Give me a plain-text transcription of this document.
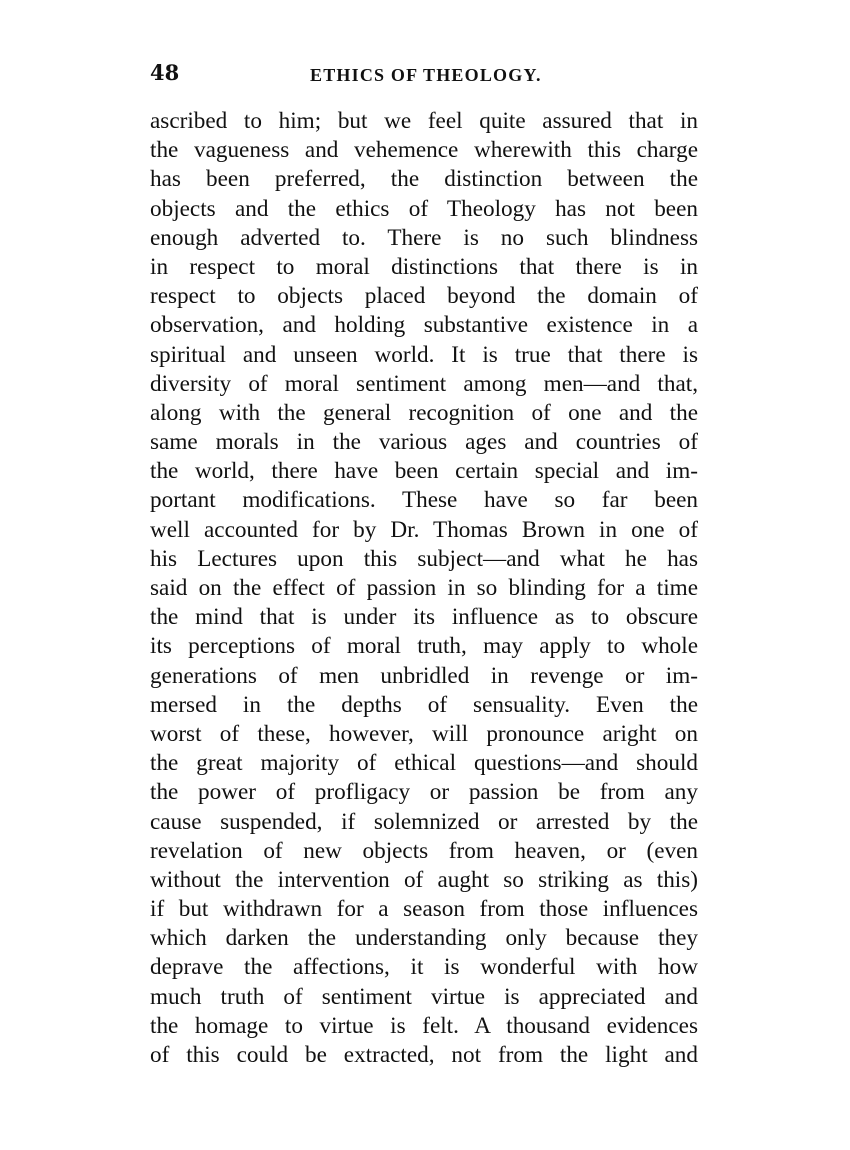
48	ETHICS OF THEOLOGY.
ascribed to him; but we feel quite assured that in
the vagueness and vehemence wherewith this charge
has been preferred, the distinction between the
objects and the ethics of Theology has not been
enough adverted to. There is no such blindness
in respect to moral distinctions that there is in
respect to objects placed beyond the domain of
observation, and holding substantive existence in a
spiritual and unseen world. It is true that there is
diversity of moral sentiment among men—and that,
along with the general recognition of one and the
same morals in the various ages and countries of
the world, there have been certain special and im-
portant modifications. These have so far been
well accounted for by Dr. Thomas Brown in one of
his Lectures upon this subject—and what he has
said on the effect of passion in so blinding for a time
the mind that is under its influence as to obscure
its perceptions of moral truth, may apply to whole
generations of men unbridled in revenge or im-
mersed in the depths of sensuality. Even the
worst of these, however, will pronounce aright on
the great majority of ethical questions—and should
the power of profligacy or passion be from any
cause suspended, if solemnized or arrested by the
revelation of new objects from heaven, or (even
without the intervention of aught so striking as this)
if but withdrawn for a season from those influences
which darken the understanding only because they
deprave the affections, it is wonderful with how
much truth of sentiment virtue is appreciated and
the homage to virtue is felt. A thousand evidences
of this could be extracted, not from the light and
